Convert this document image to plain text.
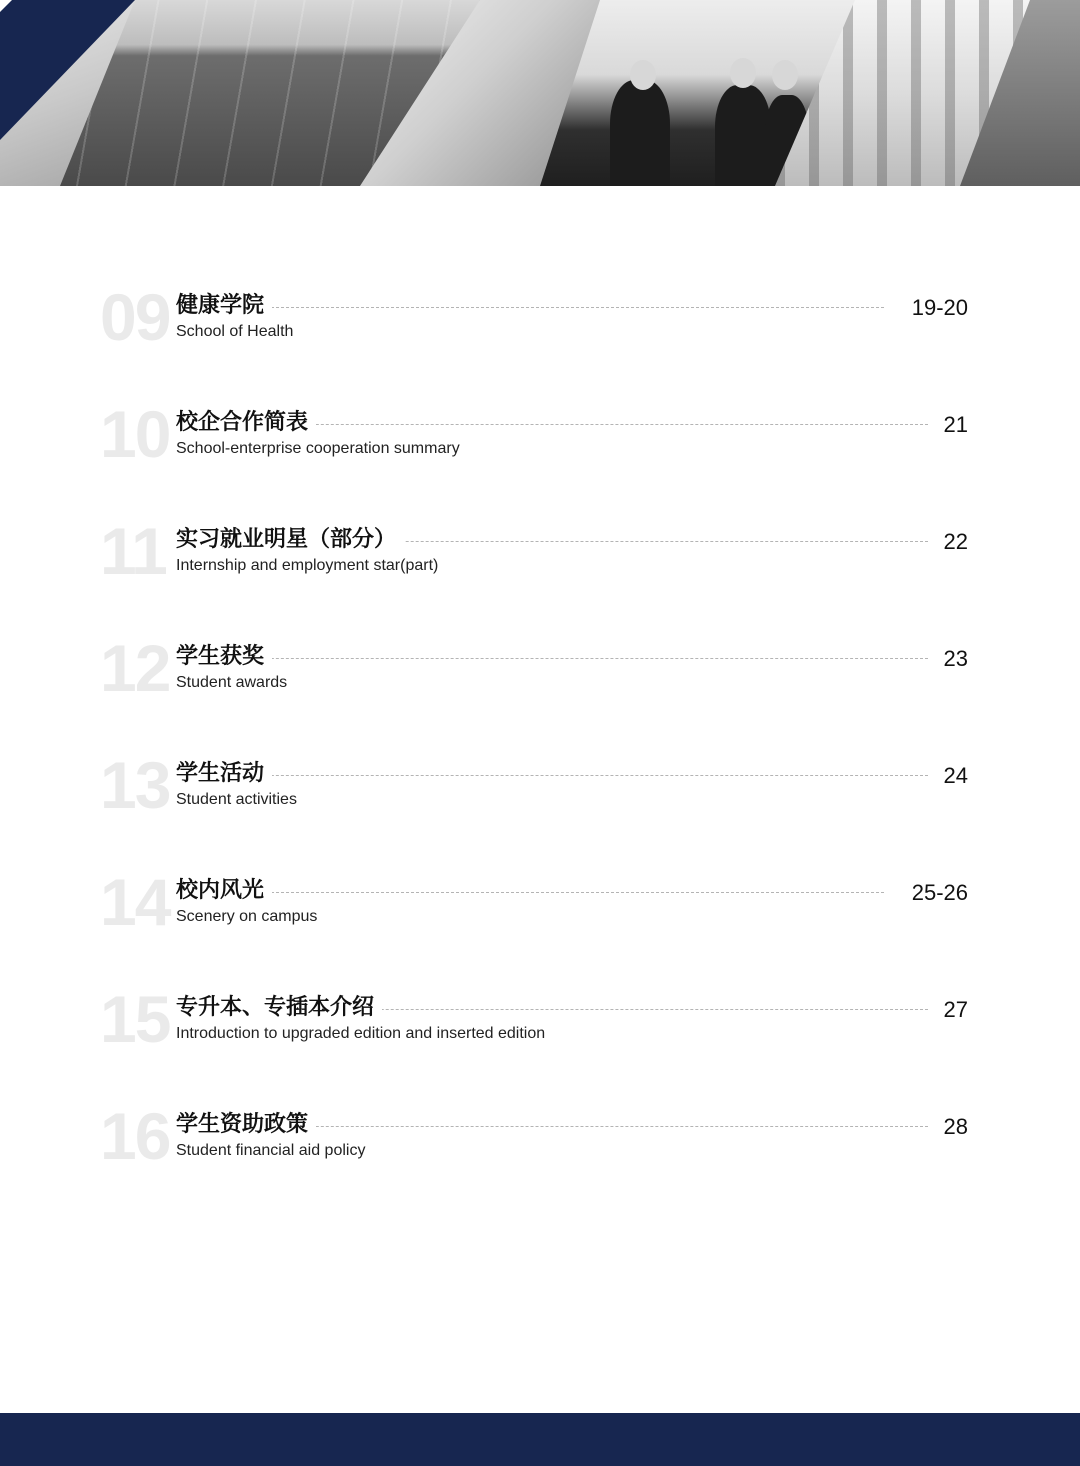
09 健康学院
School of Health
19-20
10 校企合作简表
School-enterprise cooperation summary
21
11 实习就业明星（部分）
Internship and employment star(part)
22
12 学生获奖
Student awards
23
13 学生活动
Student activities
24
14 校内风光
Scenery on campus
25-26
15 专升本、专插本介绍
Introduction to upgraded edition and inserted edition
27
16 学生资助政策
Student financial aid policy
28
